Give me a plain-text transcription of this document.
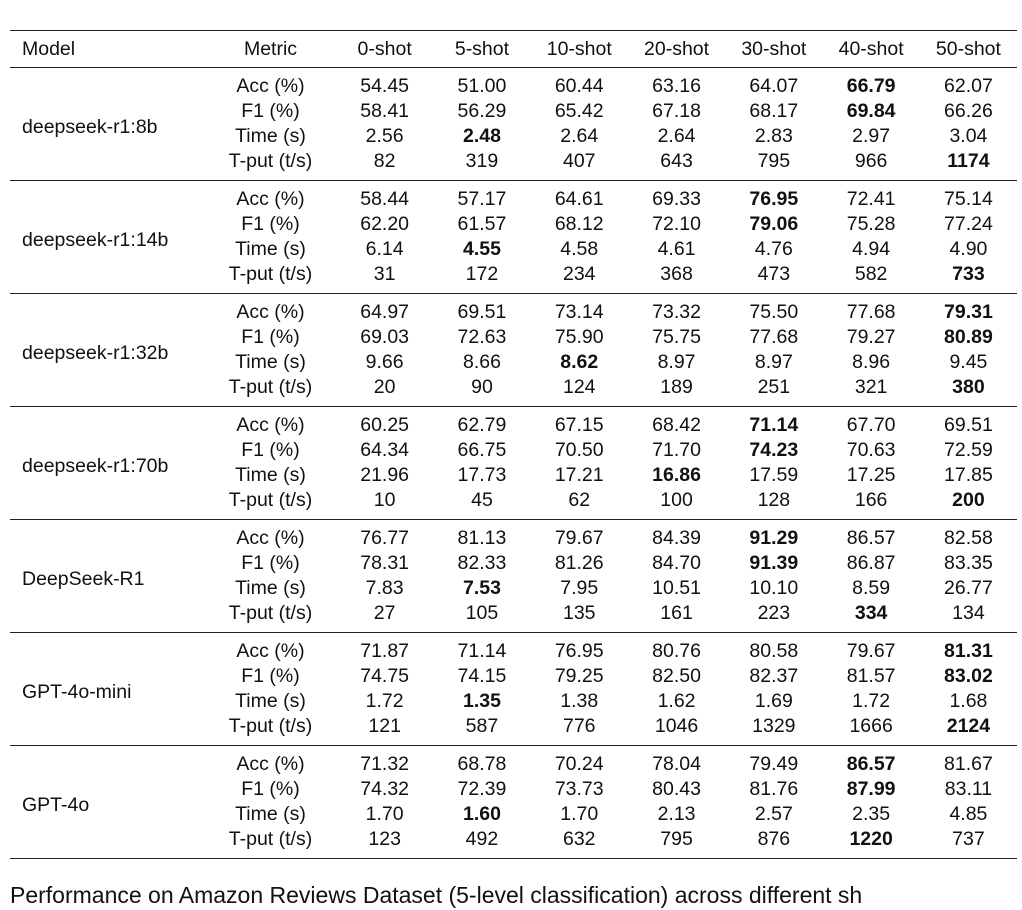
Model	Metric	0-shot	5-shot	10-shot	20-shot	30-shot	40-shot	50-shot
deepseek-r1:8b	Acc (%)	54.45	51.00	60.44	63.16	64.07	66.79	62.07
	F1 (%)	58.41	56.29	65.42	67.18	68.17	69.84	66.26
	Time (s)	2.56	2.48	2.64	2.64	2.83	2.97	3.04
	T-put (t/s)	82	319	407	643	795	966	1174
deepseek-r1:14b	Acc (%)	58.44	57.17	64.61	69.33	76.95	72.41	75.14
	F1 (%)	62.20	61.57	68.12	72.10	79.06	75.28	77.24
	Time (s)	6.14	4.55	4.58	4.61	4.76	4.94	4.90
	T-put (t/s)	31	172	234	368	473	582	733
deepseek-r1:32b	Acc (%)	64.97	69.51	73.14	73.32	75.50	77.68	79.31
	F1 (%)	69.03	72.63	75.90	75.75	77.68	79.27	80.89
	Time (s)	9.66	8.66	8.62	8.97	8.97	8.96	9.45
	T-put (t/s)	20	90	124	189	251	321	380
deepseek-r1:70b	Acc (%)	60.25	62.79	67.15	68.42	71.14	67.70	69.51
	F1 (%)	64.34	66.75	70.50	71.70	74.23	70.63	72.59
	Time (s)	21.96	17.73	17.21	16.86	17.59	17.25	17.85
	T-put (t/s)	10	45	62	100	128	166	200
DeepSeek-R1	Acc (%)	76.77	81.13	79.67	84.39	91.29	86.57	82.58
	F1 (%)	78.31	82.33	81.26	84.70	91.39	86.87	83.35
	Time (s)	7.83	7.53	7.95	10.51	10.10	8.59	26.77
	T-put (t/s)	27	105	135	161	223	334	134
GPT-4o-mini	Acc (%)	71.87	71.14	76.95	80.76	80.58	79.67	81.31
	F1 (%)	74.75	74.15	79.25	82.50	82.37	81.57	83.02
	Time (s)	1.72	1.35	1.38	1.62	1.69	1.72	1.68
	T-put (t/s)	121	587	776	1046	1329	1666	2124
GPT-4o	Acc (%)	71.32	68.78	70.24	78.04	79.49	86.57	81.67
	F1 (%)	74.32	72.39	73.73	80.43	81.76	87.99	83.11
	Time (s)	1.70	1.60	1.70	2.13	2.57	2.35	4.85
	T-put (t/s)	123	492	632	795	876	1220	737
Performance on Amazon Reviews Dataset (5-level classification) across different sh
